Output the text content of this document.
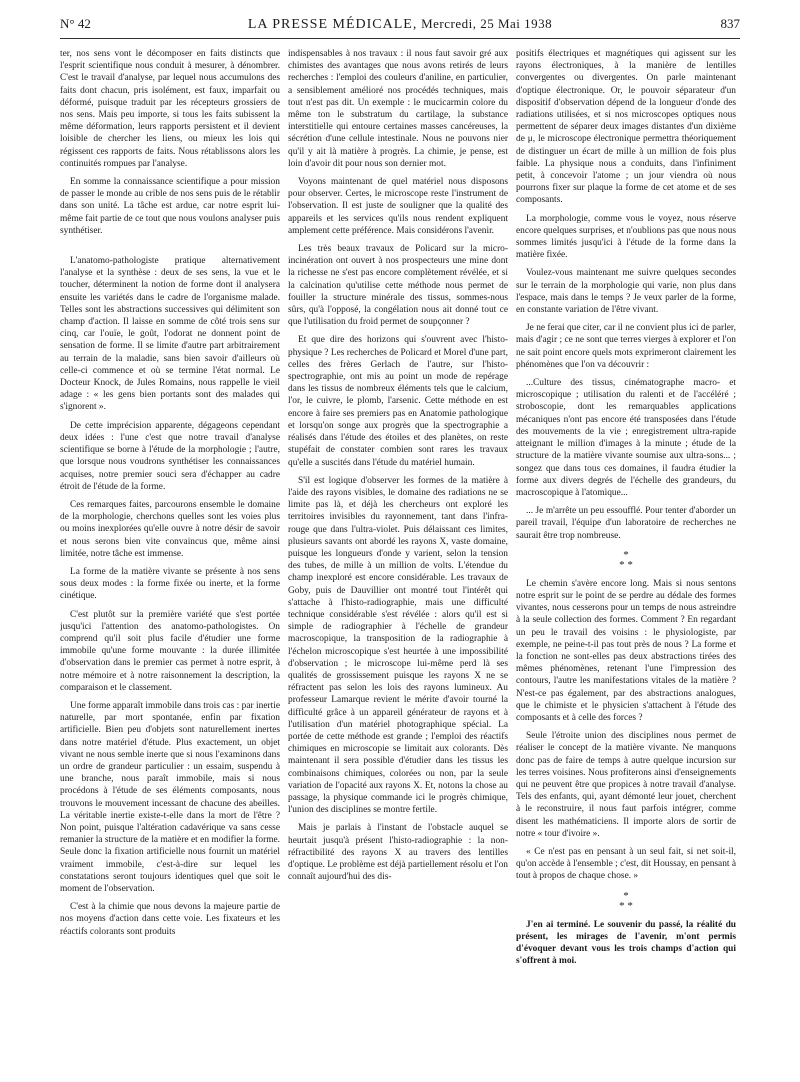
N° 42	LA PRESSE MÉDICALE, Mercredi, 25 Mai 1938	837

ter, nos sens vont le décomposer en faits distincts que l'esprit scientifique nous conduit à mesurer, à dénombrer. C'est le travail d'analyse, par lequel nous accumulons des faits dont chacun, pris isolément, est faux, imparfait ou déformé, puisque traduit par les récepteurs grossiers de nos sens. Mais peu importe, si tous les faits subissent la même déformation, leurs rapports persistent et il devient loisible de chercher les liens, ou mieux les lois qui régissent ces rapports de faits. Nous rétablissons alors les continuités rompues par l'analyse.

En somme la connaissance scientifique a pour mission de passer le monde au crible de nos sens puis de le rétablir dans son unité. La tâche est ardue, car notre esprit lui-même fait partie de ce tout que nous voulons analyser puis synthétiser.

L'anatomo-pathologiste pratique alternativement l'analyse et la synthèse : deux de ses sens, la vue et le toucher, déterminent la notion de forme dont il analysera ensuite les variétés dans le cadre de l'organisme malade. Telles sont les abstractions successives qui délimitent son champ d'action. Il laisse en somme de côté trois sens sur cinq, car l'ouïe, le goût, l'odorat ne donnent point de sensation de forme. Il se limite d'autre part arbitrairement au terrain de la maladie, sans bien savoir d'ailleurs où celle-ci commence et où se termine l'état normal. Le Docteur Knock, de Jules Romains, nous rappelle le vieil adage : « les gens bien portants sont des malades qui s'ignorent ».

De cette imprécision apparente, dégageons cependant deux idées : l'une c'est que notre travail d'analyse scientifique se borne à l'étude de la morphologie ; l'autre, que lorsque nous voudrons synthétiser les connaissances acquises, notre premier souci sera d'échapper au cadre étroit de l'étude de la forme.

Ces remarques faites, parcourons ensemble le domaine de la morphologie, cherchons quelles sont les voies plus ou moins inexplorées qu'elle ouvre à notre désir de savoir et nous serons bien vite convaincus que, même ainsi limitée, notre tâche est immense.

La forme de la matière vivante se présente à nos sens sous deux modes : la forme fixée ou inerte, et la forme cinétique.

C'est plutôt sur la première variété que s'est portée jusqu'ici l'attention des anatomo-pathologistes. On comprend qu'il soit plus facile d'étudier une forme immobile qu'une forme mouvante : la durée illimitée d'observation dans le premier cas permet à notre esprit, à notre mémoire et à notre raisonnement la description, la comparaison et le classement.

Une forme apparaît immobile dans trois cas : par inertie naturelle, par mort spontanée, enfin par fixation artificielle. Bien peu d'objets sont naturellement inertes dans notre matériel d'étude. Plus exactement, un objet vivant ne nous semble inerte que si nous l'examinons dans un ordre de grandeur particulier : un essaim, suspendu à une branche, nous paraît immobile, mais si nous procédons à l'étude de ses éléments composants, nous trouvons le mouvement incessant de chacune des abeilles. La véritable inertie existe-t-elle dans la mort de l'être ? Non point, puisque l'altération cadavérique va sans cesse remanier la structure de la matière et en modifier la forme. Seule donc la fixation artificielle nous fournit un matériel vraiment immobile, c'est-à-dire sur lequel les constatations seront toujours identiques quel que soit le moment de l'observation.

C'est à la chimie que nous devons la majeure partie de nos moyens d'action dans cette voie. Les fixateurs et les réactifs colorants sont produits

indispensables à nos travaux : il nous faut savoir gré aux chimistes des avantages que nous avons retirés de leurs recherches : l'emploi des couleurs d'aniline, en particulier, a sensiblement amélioré nos procédés techniques, mais tout n'est pas dit. Un exemple : le mucicarmin colore du même ton le substratum du cartilage, la substance interstitielle qui entoure certaines masses cancéreuses, la sécrétion d'une cellule intestinale. Nous ne pouvons nier qu'il y ait là matière à progrès. La chimie, je pense, est loin d'avoir dit pour nous son dernier mot.

Voyons maintenant de quel matériel nous disposons pour observer. Certes, le microscope reste l'instrument de l'observation. Il est juste de souligner que la qualité des appareils et les services qu'ils nous rendent expliquent amplement cette préférence. Mais considérons l'avenir.

Les très beaux travaux de Policard sur la micro-incinération ont ouvert à nos prospecteurs une mine dont la richesse ne s'est pas encore complètement révélée, et si la calcination qu'utilise cette méthode nous permet de fouiller la structure minérale des tissus, sommes-nous sûrs, qu'à l'opposé, la congélation nous ait donné tout ce que l'utilisation du froid permet de soupçonner ?

Et que dire des horizons qui s'ouvrent avec l'histo-physique ? Les recherches de Policard et Morel d'une part, celles des frères Gerlach de l'autre, sur l'histo-spectrographie, ont mis au point un mode de repérage dans les tissus de nombreux éléments tels que le calcium, l'or, le cuivre, le plomb, l'arsenic. Cette méthode en est encore à faire ses premiers pas en Anatomie pathologique et lorsqu'on songe aux progrès que la spectrographie a réalisés dans l'étude des étoiles et des planètes, on reste stupéfait de constater combien sont rares les travaux qu'elle a suscités dans l'étude du matériel humain.

S'il est logique d'observer les formes de la matière à l'aide des rayons visibles, le domaine des radiations ne se limite pas là, et déjà les chercheurs ont exploré les territoires invisibles du rayonnement, tant dans l'infra-rouge que dans l'ultra-violet. Puis délaissant ces limites, plusieurs savants ont abordé les rayons X, vaste domaine, puisque les longueurs d'onde y varient, selon la tension des tubes, de mille à un million de volts. L'étendue du champ inexploré est encore considérable. Les travaux de Goby, puis de Dauvillier ont montré tout l'intérêt qui s'attache à l'histo-radiographie, mais une difficulté technique considérable s'est révélée : alors qu'il est si simple de radiographier à l'échelle de grandeur macroscopique, la transposition de la radiographie à l'échelon microscopique s'est heurtée à une impossibilité d'observation ; le microscope lui-même perd là ses qualités de grossissement puisque les rayons X ne se réfractent pas selon les lois des rayons lumineux. Au professeur Lamarque revient le mérite d'avoir tourné la difficulté grâce à un appareil générateur de rayons et à l'utilisation d'un matériel photographique spécial. La portée de cette méthode est grande ; l'emploi des réactifs chimiques en microscopie se limitait aux colorants. Dès maintenant il sera possible d'étudier dans les tissus les combinaisons chimiques, colorées ou non, par la seule variation de l'opacité aux rayons X. Et, notons la chose au passage, la physique commande ici le progrès chimique, l'union des disciplines se montre fertile.

Mais je parlais à l'instant de l'obstacle auquel se heurtait jusqu'à présent l'histo-radiographie : la non-réfractibilité des rayons X au travers des lentilles d'optique. Le problème est déjà partiellement résolu et l'on connaît aujourd'hui des dis-

positifs électriques et magnétiques qui agissent sur les rayons électroniques, à la manière de lentilles convergentes ou divergentes. On parle maintenant d'optique électronique. Or, le pouvoir séparateur d'un dispositif d'observation dépend de la longueur d'onde des radiations utilisées, et si nos microscopes optiques nous permettent de séparer deux images distantes d'un dixième de μ, le microscope électronique permettra théoriquement de distinguer un écart de mille à un million de fois plus faible. La physique nous a conduits, dans l'infiniment petit, à concevoir l'atome ; un jour viendra où nous pourrons fixer sur plaque la forme de cet atome et de ses composants.

La morphologie, comme vous le voyez, nous réserve encore quelques surprises, et n'oublions pas que nous nous sommes limités jusqu'ici à l'étude de la forme dans la matière fixée.

Voulez-vous maintenant me suivre quelques secondes sur le terrain de la morphologie qui varie, non plus dans l'espace, mais dans le temps ? Je veux parler de la forme, en constante variation de l'être vivant.

Je ne ferai que citer, car il ne convient plus ici de parler, mais d'agir ; ce ne sont que terres vierges à explorer et l'on ne sait point encore quels mots exprimeront clairement les phénomènes que l'on va découvrir :

...Culture des tissus, cinématographe macro- et microscopique ; utilisation du ralenti et de l'accéléré ; stroboscopie, dont les remarquables applications mécaniques n'ont pas encore été transposées dans l'étude des mouvements de la vie ; enregistrement ultra-rapide atteignant le million d'images à la minute ; étude de la structure de la matière vivante soumise aux ultra-sons... ; songez que dans tous ces domaines, il faudra étudier la forme aux divers degrés de l'échelle des grandeurs, du macroscopique à l'atomique...

... Je m'arrête un peu essoufflé. Pour tenter d'aborder un pareil travail, l'équipe d'un laboratoire de recherches ne saurait être trop nombreuse.

*
* *

Le chemin s'avère encore long. Mais si nous sentons notre esprit sur le point de se perdre au dédale des formes vivantes, nous cesserons pour un temps de nous astreindre à la seule collection des formes. Comment ? En regardant un peu le travail des voisins : le physiologiste, par exemple, ne peine-t-il pas tout près de nous ? La forme et la fonction ne sont-elles pas deux abstractions tirées des mêmes phénomènes, retenant l'une l'impression des contours, l'autre les manifestations vitales de la matière ? N'est-ce pas également, par des abstractions analogues, que le chimiste et le physicien s'attachent à l'étude des composants et à celle des forces ?

Seule l'étroite union des disciplines nous permet de réaliser le concept de la matière vivante. Ne manquons donc pas de faire de temps à autre quelque incursion sur les terres voisines. Nous profiterons ainsi d'enseignements qui ne peuvent être que propices à notre travail d'analyse. Tels des enfants, qui, ayant démonté leur jouet, cherchent à le reconstruire, il nous faut parfois intégrer, comme disent les mathématiciens. Il importe alors de sortir de notre « tour d'ivoire ».

« Ce n'est pas en pensant à un seul fait, si net soit-il, qu'on accède à l'ensemble ; c'est, dit Houssay, en pensant à tout à propos de chaque chose. »

*
* *

J'en ai terminé. Le souvenir du passé, la réalité du présent, les mirages de l'avenir, m'ont permis d'évoquer devant vous les trois champs d'action qui s'offrent à moi.
